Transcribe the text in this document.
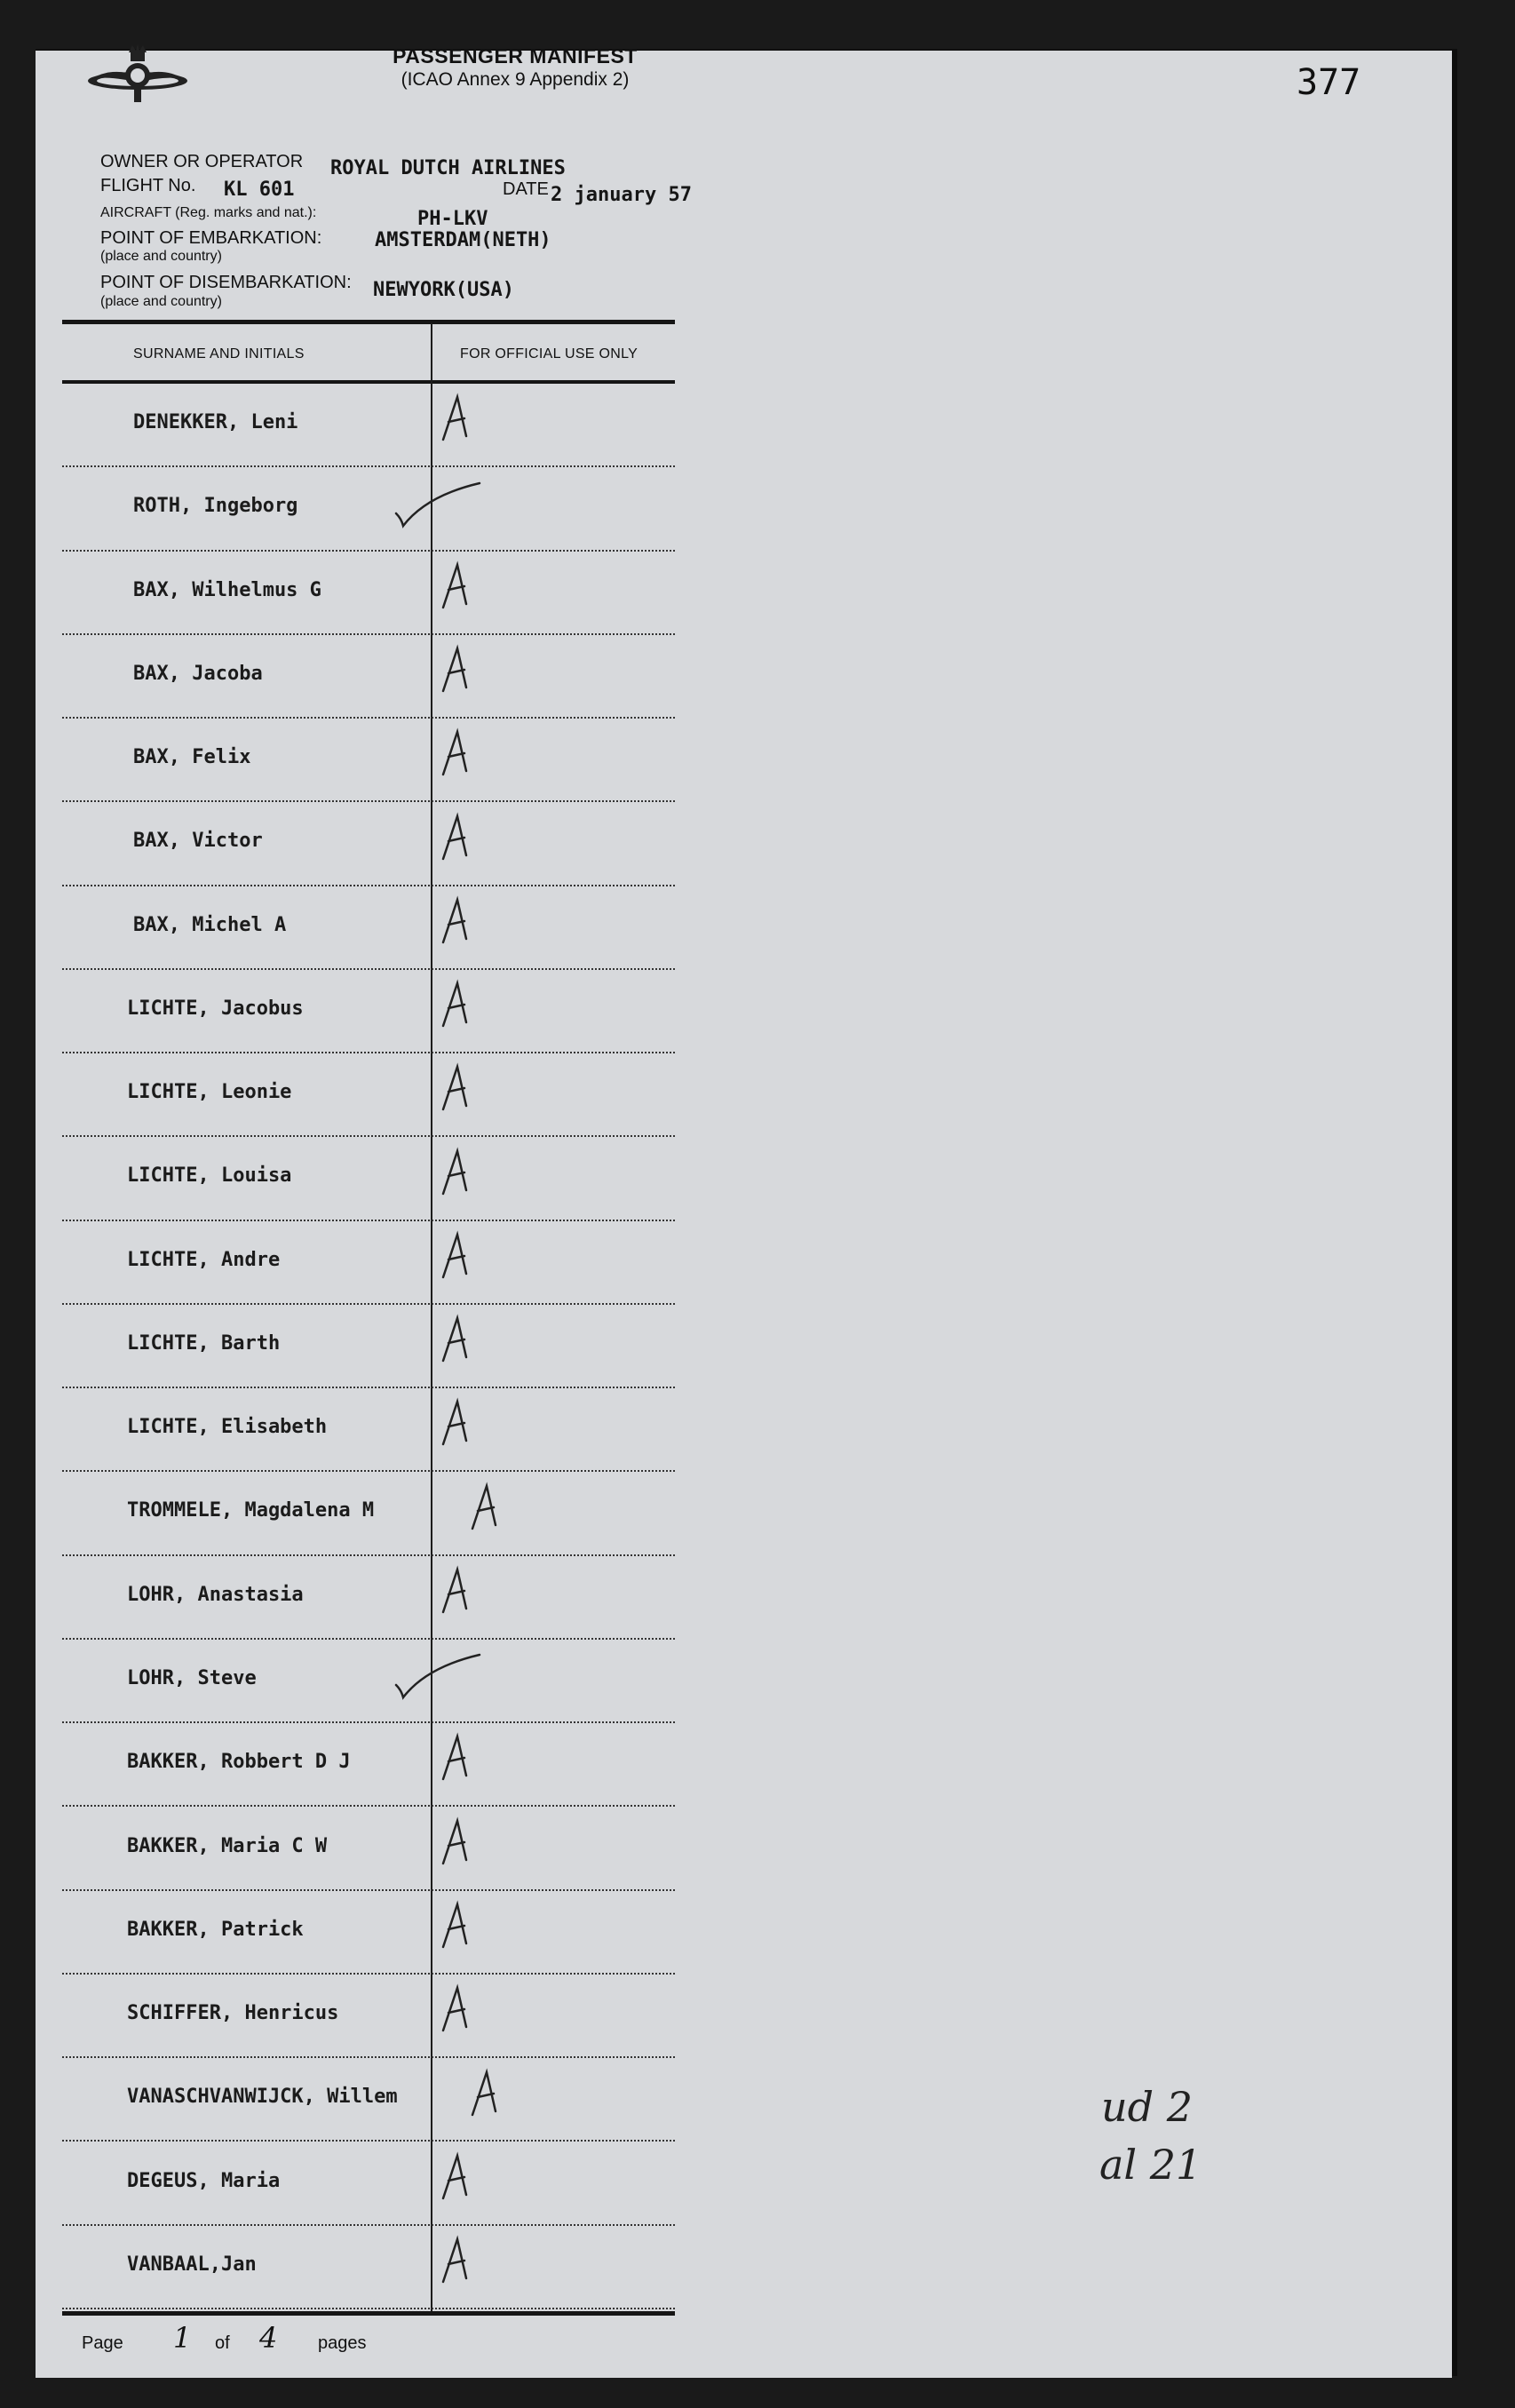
PASSENGER MANIFEST
(ICAO Annex 9 Appendix 2)	377
OWNER OR OPERATOR ROYAL DUTCH AIRLINES
FLIGHT No. KL 601	DATE 2 january 57
AIRCRAFT (Reg. marks and nat.):	PH-LKV
POINT OF EMBARKATION:	AMSTERDAM(NETH)
(place and country)
POINT OF DISEMBARKATION: NEWYORK(USA)
(place and country)
SURNAME AND INITIALS	FOR OFFICIAL USE ONLY
DENEKKER, Leni
ROTH, Ingeborg
BAX, Wilhelmus G
BAX, Jacoba
BAX, Felix
BAX, Victor
BAX, Michel A
LICHTE, Jacobus
LICHTE, Leonie
LICHTE, Louisa
LICHTE, Andre
LICHTE, Barth
LICHTE, Elisabeth
TROMMELE, Magdalena M
LOHR, Anastasia
LOHR, Steve
BAKKER, Robbert D J
BAKKER, Maria C W
BAKKER, Patrick
SCHIFFER, Henricus
VANASCHVANWIJCK, Willem
DEGEUS, Maria
VANBAAL,Jan
ud 2
al 21
Page 1 of 4 pages
